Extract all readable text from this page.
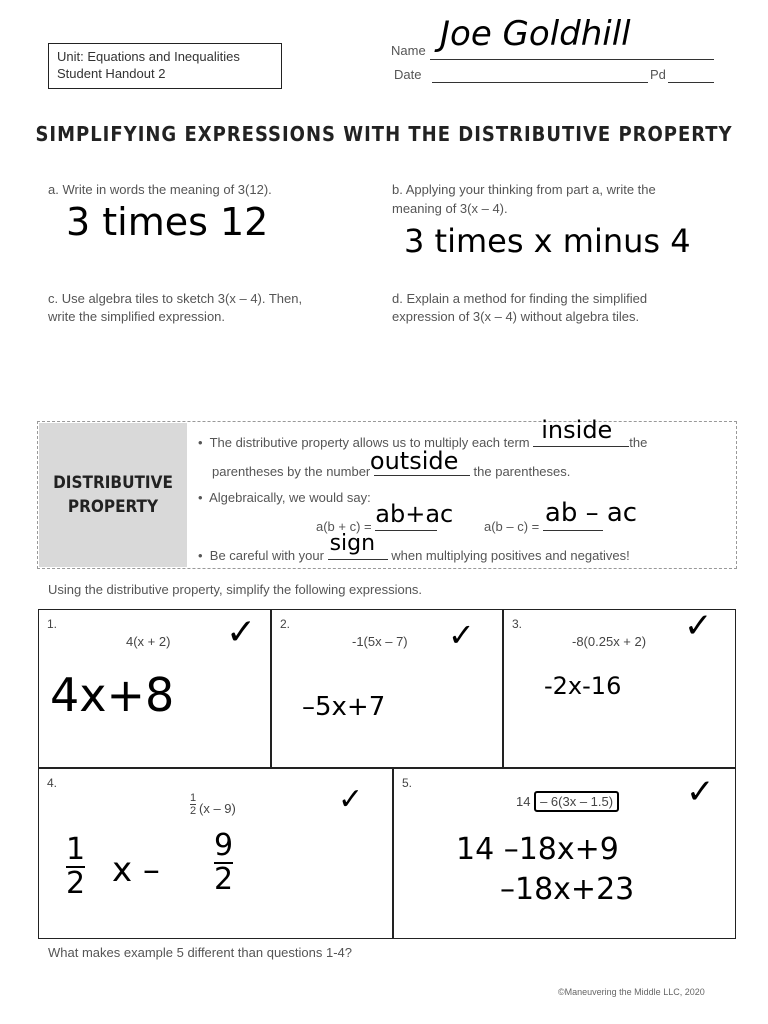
Unit: Equations and Inequalities
Student Handout 2
Name Joe Goldhill
Date	Pd
SIMPLIFYING EXPRESSIONS WITH THE DISTRIBUTIVE PROPERTY
a. Write in words the meaning of 3(12).
3 times 12
b. Applying your thinking from part a, write the
meaning of 3(x – 4).
3 times x minus 4
c. Use algebra tiles to sketch 3(x – 4). Then,
write the simplified expression.
d. Explain a method for finding the simplified
expression of 3(x – 4) without algebra tiles.
DISTRIBUTIVE
PROPERTY
• The distributive property allows us to multiply each term inside the
parentheses by the number outside the parentheses.
• Algebraically, we would say:
a(b + c) = ab+ac a(b – c) = ab – ac
• Be careful with your sign when multiplying positives and negatives!
Using the distributive property, simplify the following expressions.
1.
4(x + 2) ✓
4x+8
2.
-1(5x – 7) ✓
–5x+7
3.
-8(0.25x + 2) ✓
-2x-16
4.
$\frac{1}{2} (x - 9)$	✓
$\frac{1}{2}$ x – $\frac{9}{2}$
5.
14 – 6(3x – 1.5) ✓
14 –18x+9
–18x+23
What makes example 5 different than questions 1-4?
©Maneuvering the Middle LLC, 2020
